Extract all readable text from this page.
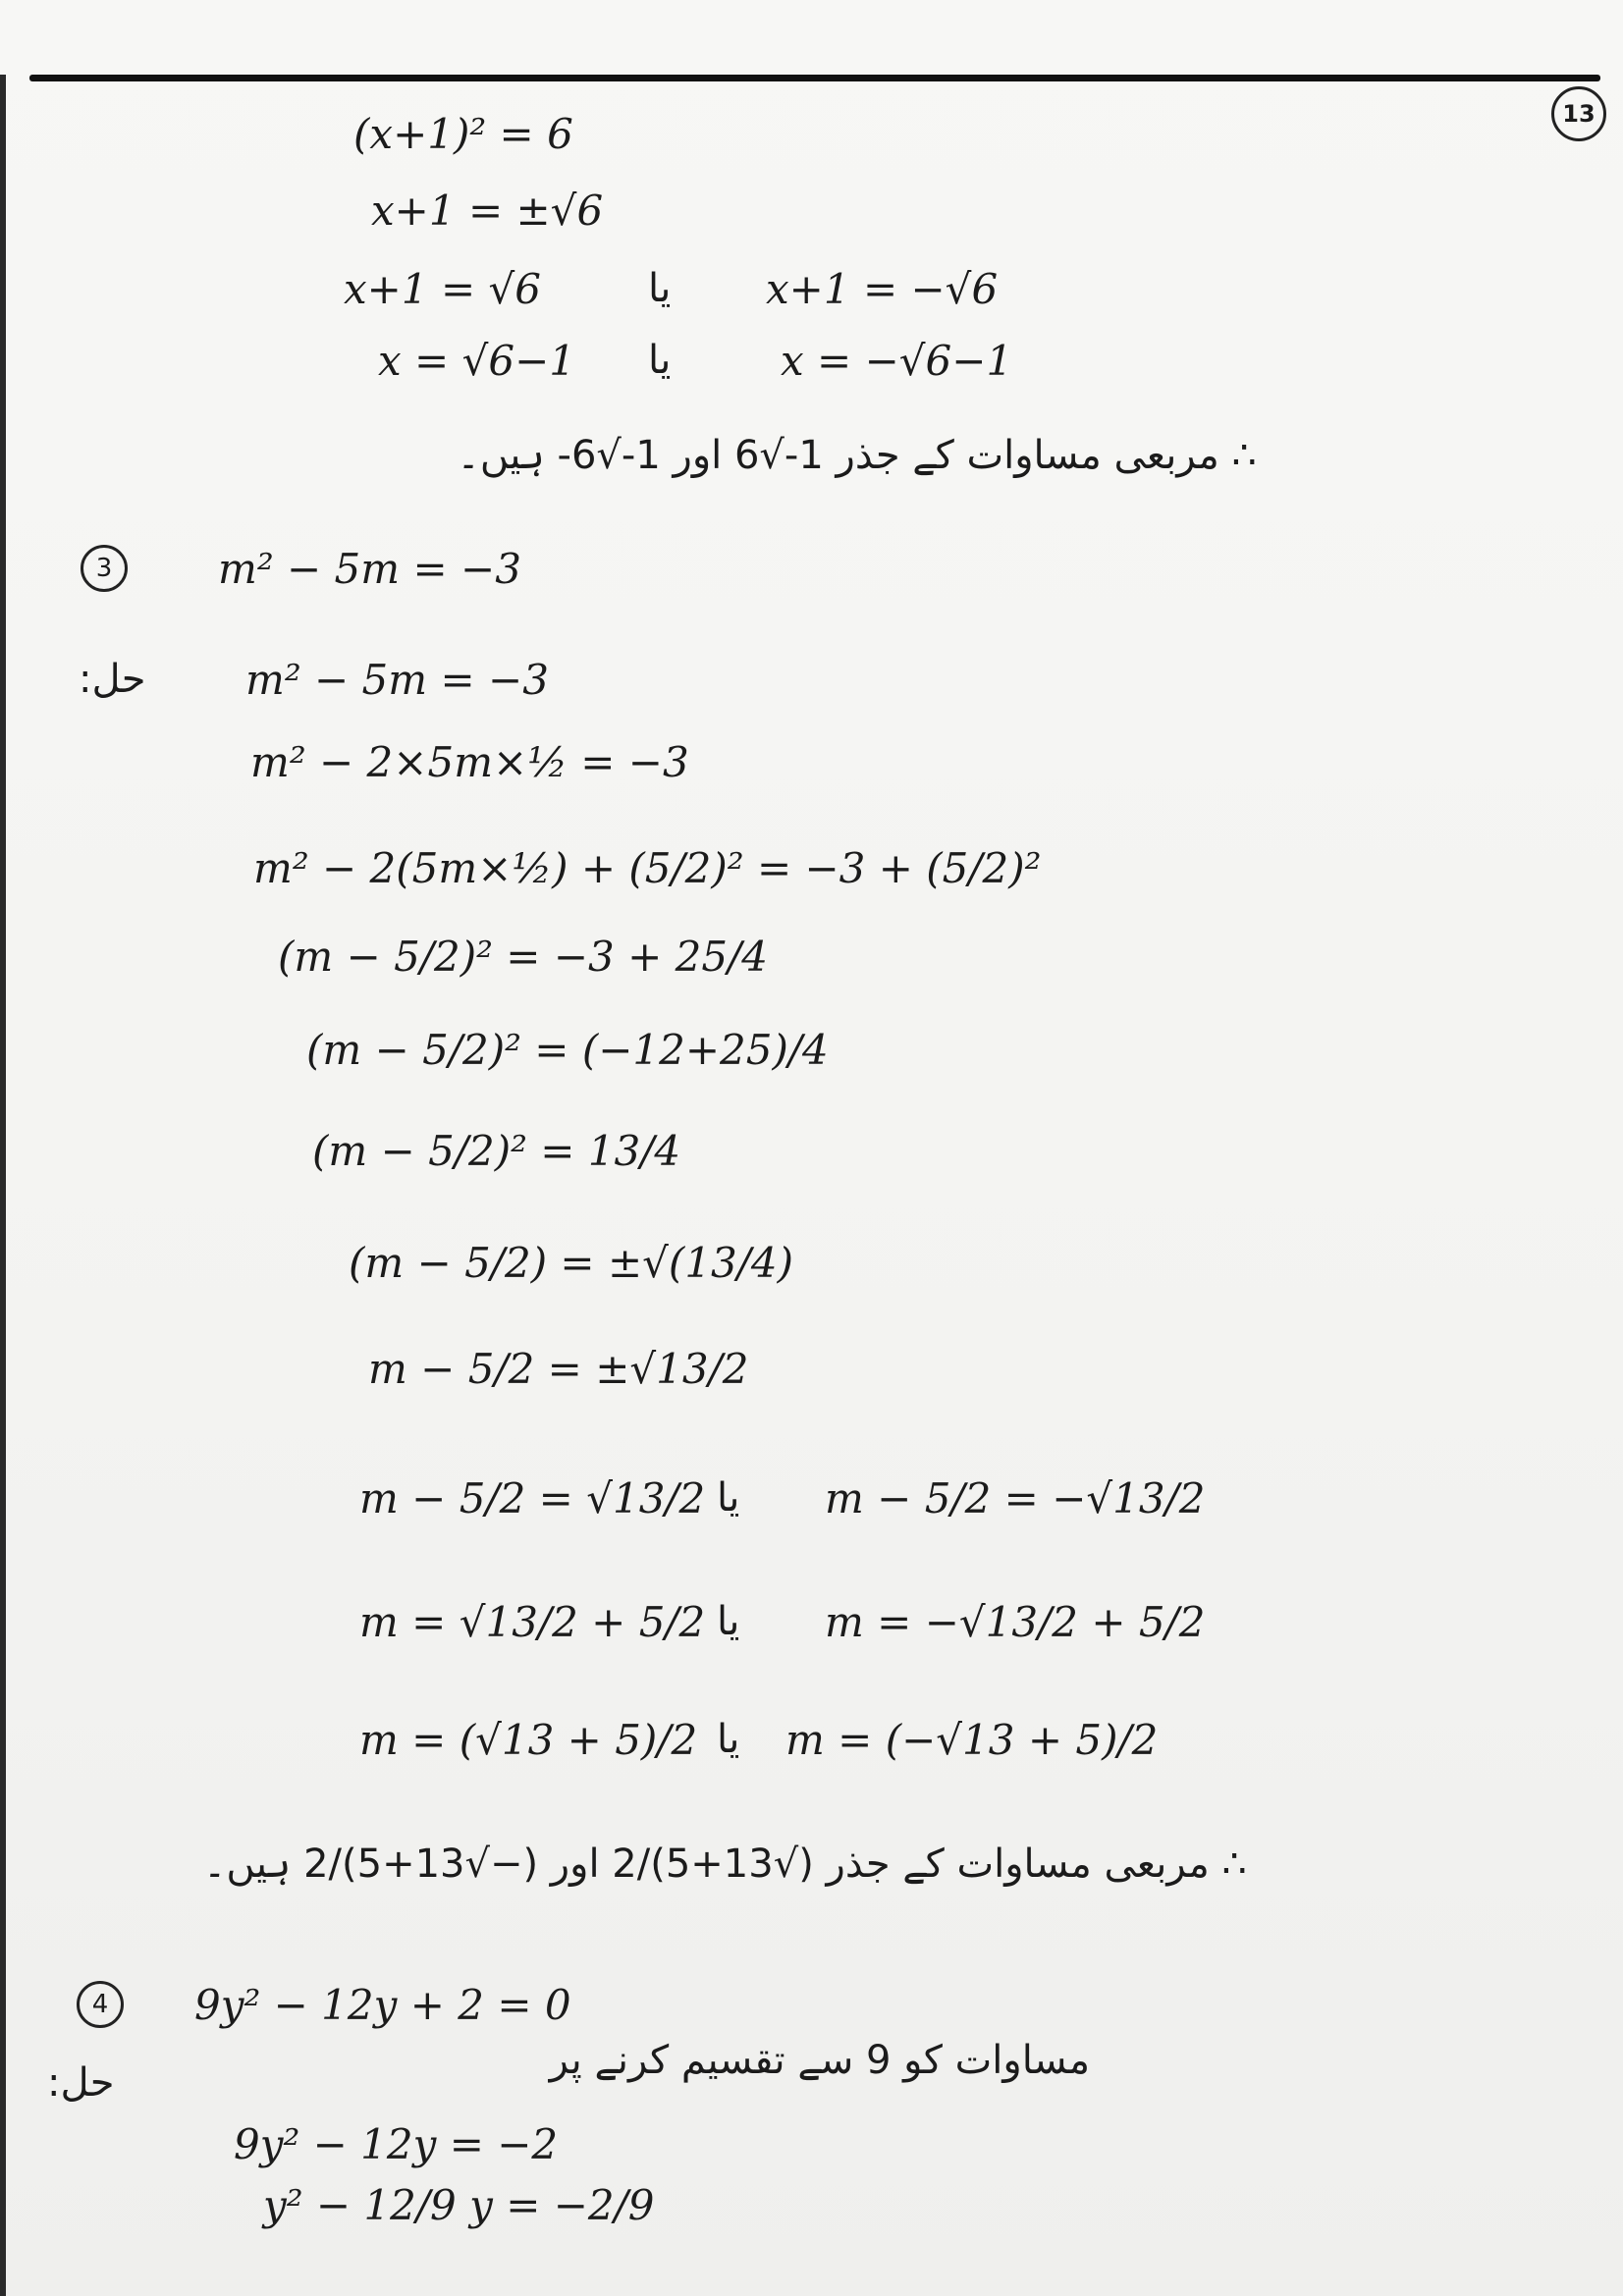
13
(x+1)² = 6
x+1 = ±√6
x+1 = √6	یا x+1 = −√6
x = √6−1 یا	x = −√6−1
∴ مربعی مساوات کے جذر 1-√6 اور 1-√6- ہیں۔
3	m² − 5m = −3
حل: m² − 5m = −3
m² − 2×5m×½ = −3
m² − 2(5m×½) + (5/2)² = −3 + (5/2)²
(m − 5/2)² = −3 + 25/4
(m − 5/2)² = (−12+25)/4
(m − 5/2)² = 13/4
(m − 5/2) = ±√(13/4)
m − 5/2 = ±√13/2
m − 5/2 = √13/2 یا m − 5/2 = −√13/2
m = √13/2 + 5/2 یا m = −√13/2 + 5/2
m = (√13 + 5)/2 یا m = (−√13 + 5)/2
∴ مربعی مساوات کے جذر (√13+5)/2 اور (−√13+5)/2 ہیں۔
4	9y² − 12y + 2 = 0
حل:	مساوات کو 9 سے تقسیم کرنے پر
9y² − 12y = −2
y² − 12/9 y = −2/9
